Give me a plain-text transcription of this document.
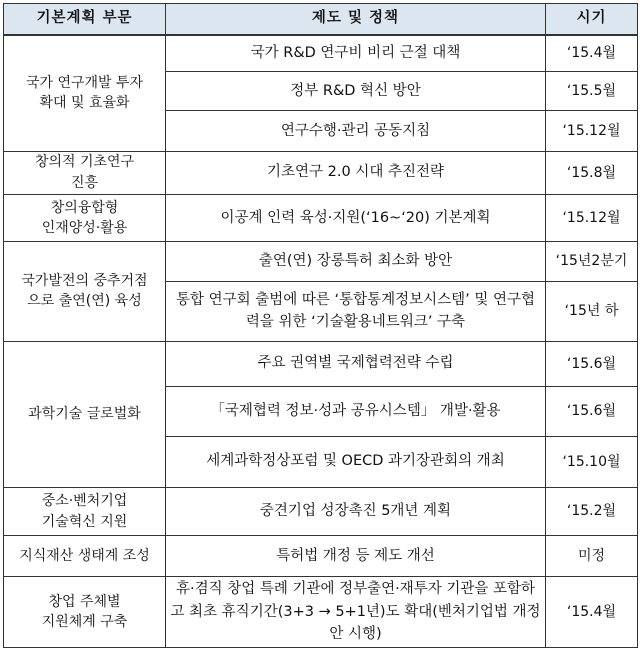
기본계획 부문	제도 및 정책	시기
국가 연구개발 투자
확대 및 효율화	국가 R&D 연구비 비리 근절 대책	‘15.4월
	정부 R&D 혁신 방안	‘15.5월
	연구수행·관리 공동지침	‘15.12월
창의적 기초연구
진흥	기초연구 2.0 시대 추진전략	‘15.8월
창의융합형
인재양성·활용	이공계 인력 육성·지원(‘16~‘20) 기본계획	‘15.12월
국가발전의 중추거점
으로 출연(연) 육성	출연(연) 장롱특허 최소화 방안	‘15년2분기
	통합 연구회 출범에 따른 ‘통합통계정보시스템’ 및 연구협력을 위한 ‘기술활용네트워크’ 구축	‘15년 하
과학기술 글로벌화	주요 권역별 국제협력전략 수립	‘15.6월
	「국제협력 정보·성과 공유시스템」 개발·활용	‘15.6월
	세계과학정상포럼 및 OECD 과기장관회의 개최	‘15.10월
중소·벤처기업
기술혁신 지원	중견기업 성장촉진 5개년 계획	‘15.2월
지식재산 생태계 조성	특허법 개정 등 제도 개선	미정
창업 주체별
지원체계 구축	휴·겸직 창업 특례 기관에 정부출연·재투자 기관을 포함하고 최초 휴직기간(3+3 → 5+1년)도 확대(벤처기업법 개정안 시행)	‘15.4월
